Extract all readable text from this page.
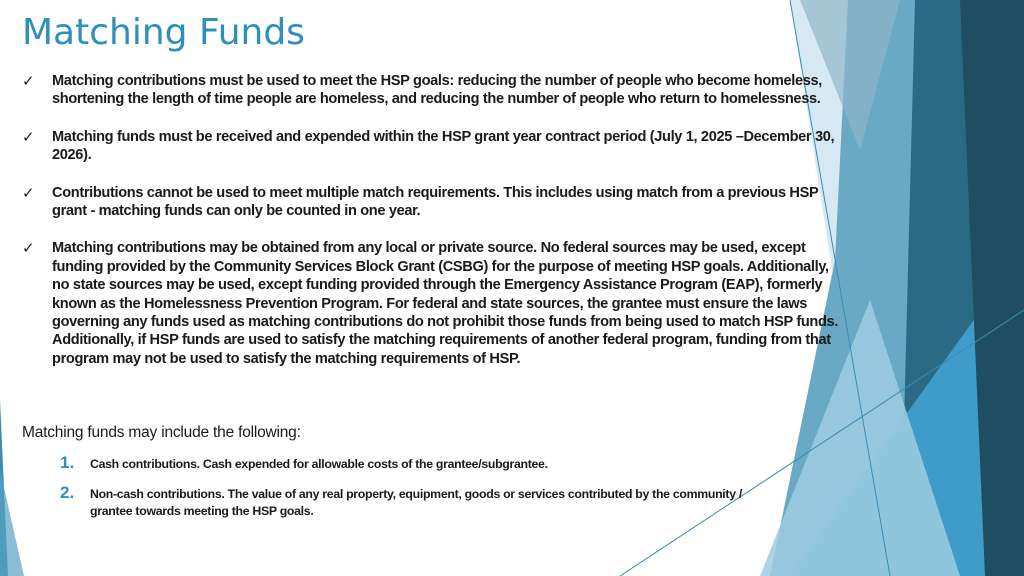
Matching Funds
✓ Matching contributions must be used to meet the HSP goals: reducing the number of people who become homeless, shortening the length of time people are homeless, and reducing the number of people who return to homelessness.
✓ Matching funds must be received and expended within the HSP grant year contract period (July 1, 2025 –December 30, 2026).
✓ Contributions cannot be used to meet multiple match requirements. This includes using match from a previous HSP grant - matching funds can only be counted in one year.
✓ Matching contributions may be obtained from any local or private source. No federal sources may be used, except funding provided by the Community Services Block Grant (CSBG) for the purpose of meeting HSP goals. Additionally, no state sources may be used, except funding provided through the Emergency Assistance Program (EAP), formerly known as the Homelessness Prevention Program. For federal and state sources, the grantee must ensure the laws governing any funds used as matching contributions do not prohibit those funds from being used to match HSP funds. Additionally, if HSP funds are used to satisfy the matching requirements of another federal program, funding from that program may not be used to satisfy the matching requirements of HSP.
Matching funds may include the following:
1. Cash contributions. Cash expended for allowable costs of the grantee/subgrantee.
2. Non-cash contributions. The value of any real property, equipment, goods or services contributed by the community / grantee towards meeting the HSP goals.
